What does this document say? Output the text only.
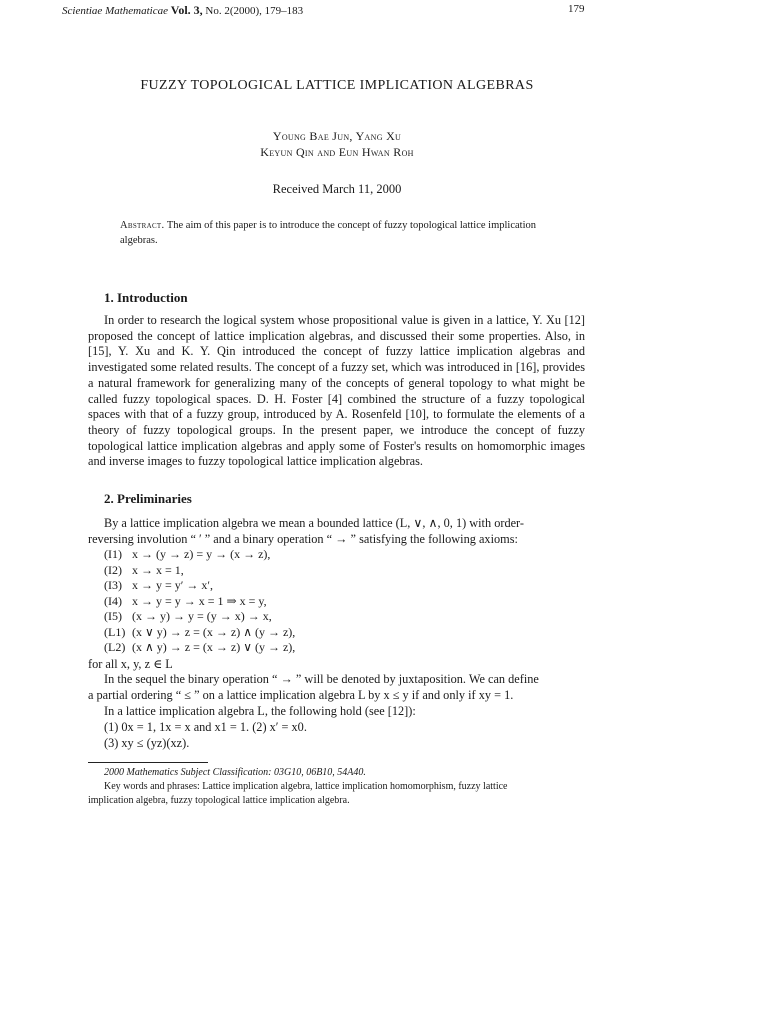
Scientiae Mathematicae Vol. 3, No. 2(2000), 179–183	179
FUZZY TOPOLOGICAL LATTICE IMPLICATION ALGEBRAS
Young Bae Jun, Yang Xu
Keyun Qin and Eun Hwan Roh
Received March 11, 2000
Abstract. The aim of this paper is to introduce the concept of fuzzy topological lattice implication algebras.
1. Introduction
In order to research the logical system whose propositional value is given in a lattice, Y. Xu [12] proposed the concept of lattice implication algebras, and discussed their some properties. Also, in [15], Y. Xu and K. Y. Qin introduced the concept of fuzzy lattice implication algebras and investigated some related results. The concept of a fuzzy set, which was introduced in [16], provides a natural framework for generalizing many of the concepts of general topology to what might be called fuzzy topological spaces. D. H. Foster [4] combined the structure of a fuzzy topological spaces with that of a fuzzy group, introduced by A. Rosenfeld [10], to formulate the elements of a theory of fuzzy topological groups. In the present paper, we introduce the concept of fuzzy topological lattice implication algebras and apply some of Foster's results on homomorphic images and inverse images to fuzzy topological lattice implication algebras.
2. Preliminaries
By a lattice implication algebra we mean a bounded lattice (L, ∨, ∧, 0, 1) with order-
reversing involution “ ′ ” and a binary operation “ → ” satisfying the following axioms:
(I1) x → (y → z) = y → (x → z),
(I2) x → x = 1,
(I3) x → y = y′ → x′,
(I4) x → y = y → x = 1 ⇒ x = y,
(I5) (x → y) → y = (y → x) → x,
(L1) (x ∨ y) → z = (x → z) ∧ (y → z),
(L2) (x ∧ y) → z = (x → z) ∨ (y → z),
for all x, y, z ∈ L
In the sequel the binary operation “ → ” will be denoted by juxtaposition. We can define
a partial ordering “ ≤ ” on a lattice implication algebra L by x ≤ y if and only if xy = 1.
In a lattice implication algebra L, the following hold (see [12]):
(1) 0x = 1, 1x = x and x1 = 1. (2) x′ = x0.
(3) xy ≤ (yz)(xz).
2000 Mathematics Subject Classification: 03G10, 06B10, 54A40.
Key words and phrases: Lattice implication algebra, lattice implication homomorphism, fuzzy lattice
implication algebra, fuzzy topological lattice implication algebra.
